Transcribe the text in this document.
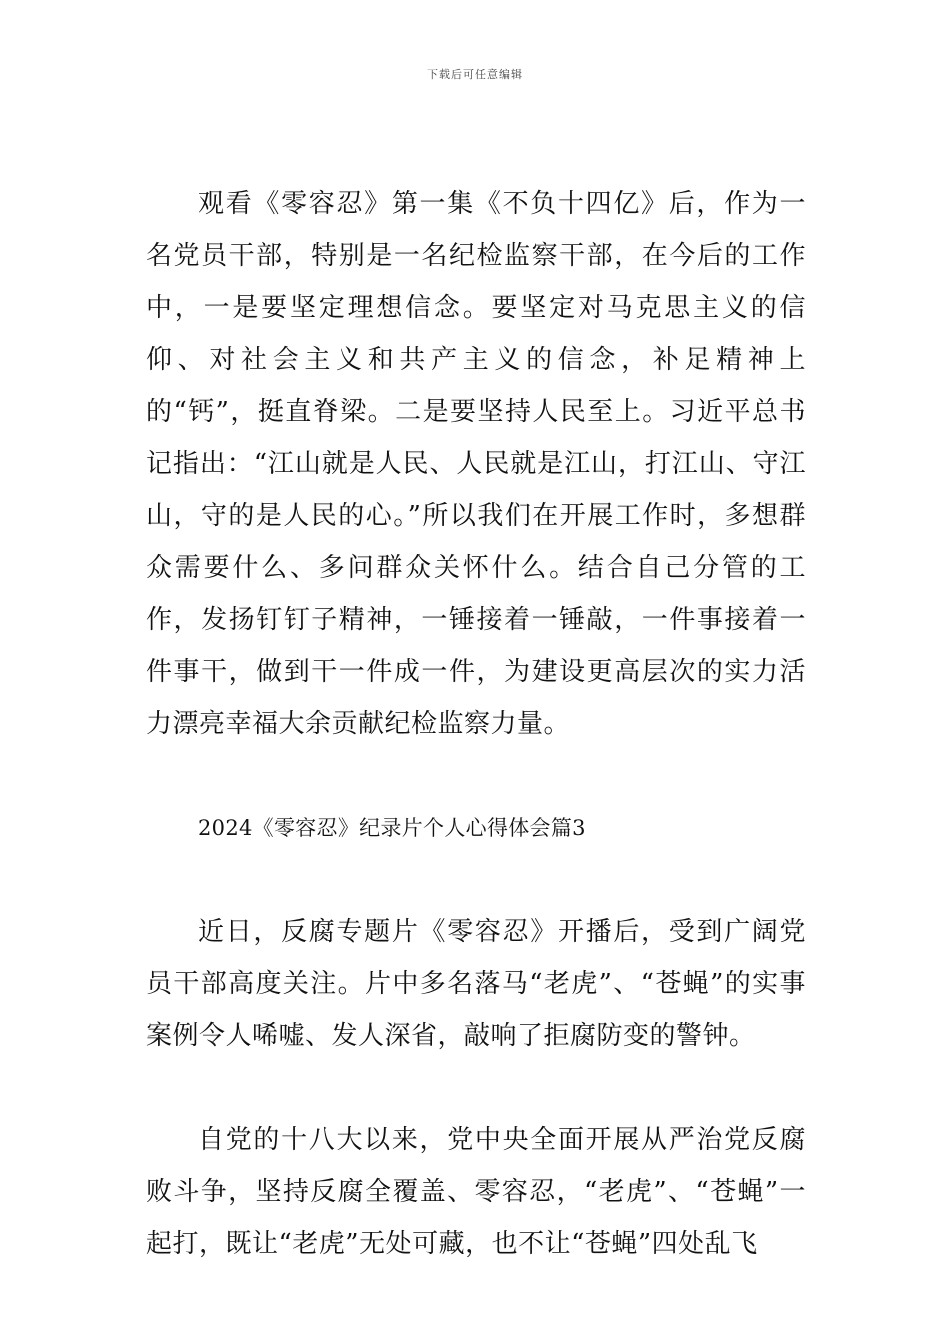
下载后可任意编辑

观看《零容忍》第一集《不负十四亿》后，作为一名党员干部，特别是一名纪检监察干部，在今后的工作中，一是要坚定理想信念。要坚定对马克思主义的信仰、对社会主义和共产主义的信念，补足精神上的“钙”，挺直脊梁。二是要坚持人民至上。习近平总书记指出：“江山就是人民、人民就是江山，打江山、守江山，守的是人民的心。”所以我们在开展工作时，多想群众需要什么、多问群众关怀什么。结合自己分管的工作，发扬钉钉子精神，一锤接着一锤敲，一件事接着一件事干，做到干一件成一件，为建设更高层次的实力活力漂亮幸福大余贡献纪检监察力量。

2024《零容忍》纪录片个人心得体会篇3

近日，反腐专题片《零容忍》开播后，受到广阔党员干部高度关注。片中多名落马“老虎”、“苍蝇”的实事案例令人唏嘘、发人深省，敲响了拒腐防变的警钟。

自党的十八大以来，党中央全面开展从严治党反腐败斗争，坚持反腐全覆盖、零容忍，“老虎”、“苍蝇”一起打，既让“老虎”无处可藏，也不让“苍蝇”四处乱飞
